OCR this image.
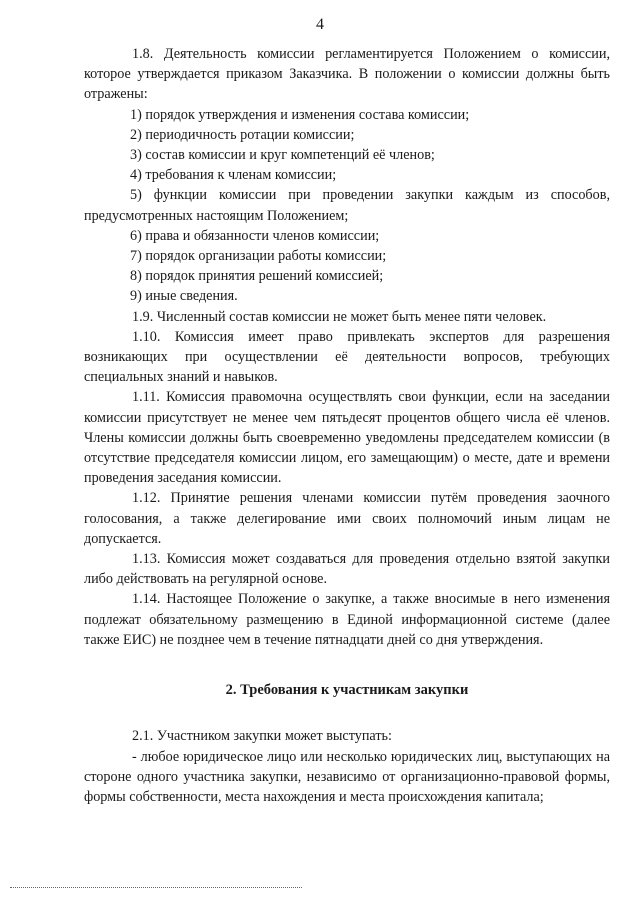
4

1.8. Деятельность комиссии регламентируется Положением о комиссии, которое утверждается приказом Заказчика. В положении о комиссии должны быть отражены:

1) порядок утверждения и изменения состава комиссии;

2) периодичность ротации комиссии;

3) состав комиссии и круг компетенций её членов;

4) требования к членам комиссии;

5) функции комиссии при проведении закупки каждым из способов, предусмотренных настоящим Положением;

6) права и обязанности членов комиссии;

7) порядок организации работы комиссии;

8) порядок принятия решений комиссией;

9) иные сведения.

1.9. Численный состав комиссии не может быть менее пяти человек.

1.10. Комиссия имеет право привлекать экспертов для разрешения возникающих при осуществлении её деятельности вопросов, требующих специальных знаний и навыков.

1.11. Комиссия правомочна осуществлять свои функции, если на заседании комиссии присутствует не менее чем пятьдесят процентов общего числа её членов. Члены комиссии должны быть своевременно уведомлены председателем комиссии (в отсутствие председателя комиссии лицом, его замещающим) о месте, дате и времени проведения заседания комиссии.

1.12. Принятие решения членами комиссии путём проведения заочного голосования, а также делегирование ими своих полномочий иным лицам не допускается.

1.13. Комиссия может создаваться для проведения отдельно взятой закупки либо действовать на регулярной основе.

1.14. Настоящее Положение о закупке, а также вносимые в него изменения подлежат обязательному размещению в Единой информационной системе (далее также ЕИС) не позднее чем в течение пятнадцати дней со дня утверждения.

2. Требования к участникам закупки

2.1. Участником закупки может выступать:

- любое юридическое лицо или несколько юридических лиц, выступающих на стороне одного участника закупки, независимо от организационно-правовой формы, формы собственности, места нахождения и места происхождения капитала;
